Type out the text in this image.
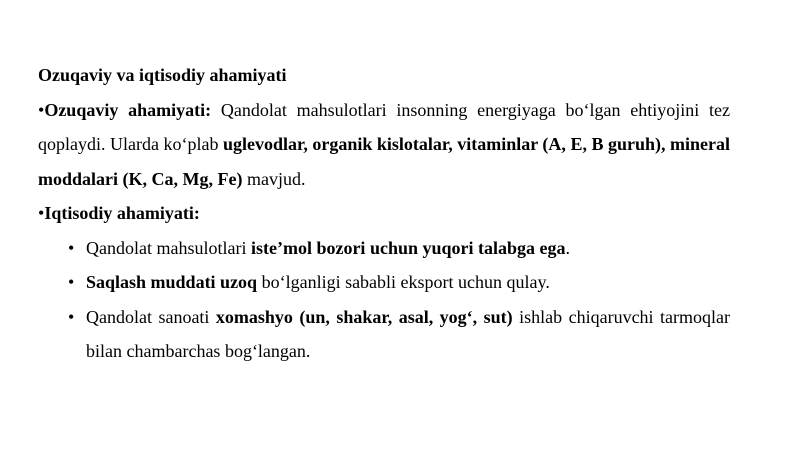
Ozuqaviy va iqtisodiy ahamiyati

•Ozuqaviy ahamiyati: Qandolat mahsulotlari insonning energiyaga boʻlgan ehtiyojini tez qoplaydi. Ularda koʻplab uglevodlar, organik kislotalar, vitaminlar (A, E, B guruh), mineral moddalari (K, Ca, Mg, Fe) mavjud.

•Iqtisodiy ahamiyati:

• Qandolat mahsulotlari iste’mol bozori uchun yuqori talabga ega.
• Saqlash muddati uzoq boʻlganligi sababli eksport uchun qulay.
• Qandolat sanoati xomashyo (un, shakar, asal, yogʻ, sut) ishlab chiqaruvchi tarmoqlar bilan chambarchas bogʻlangan.
